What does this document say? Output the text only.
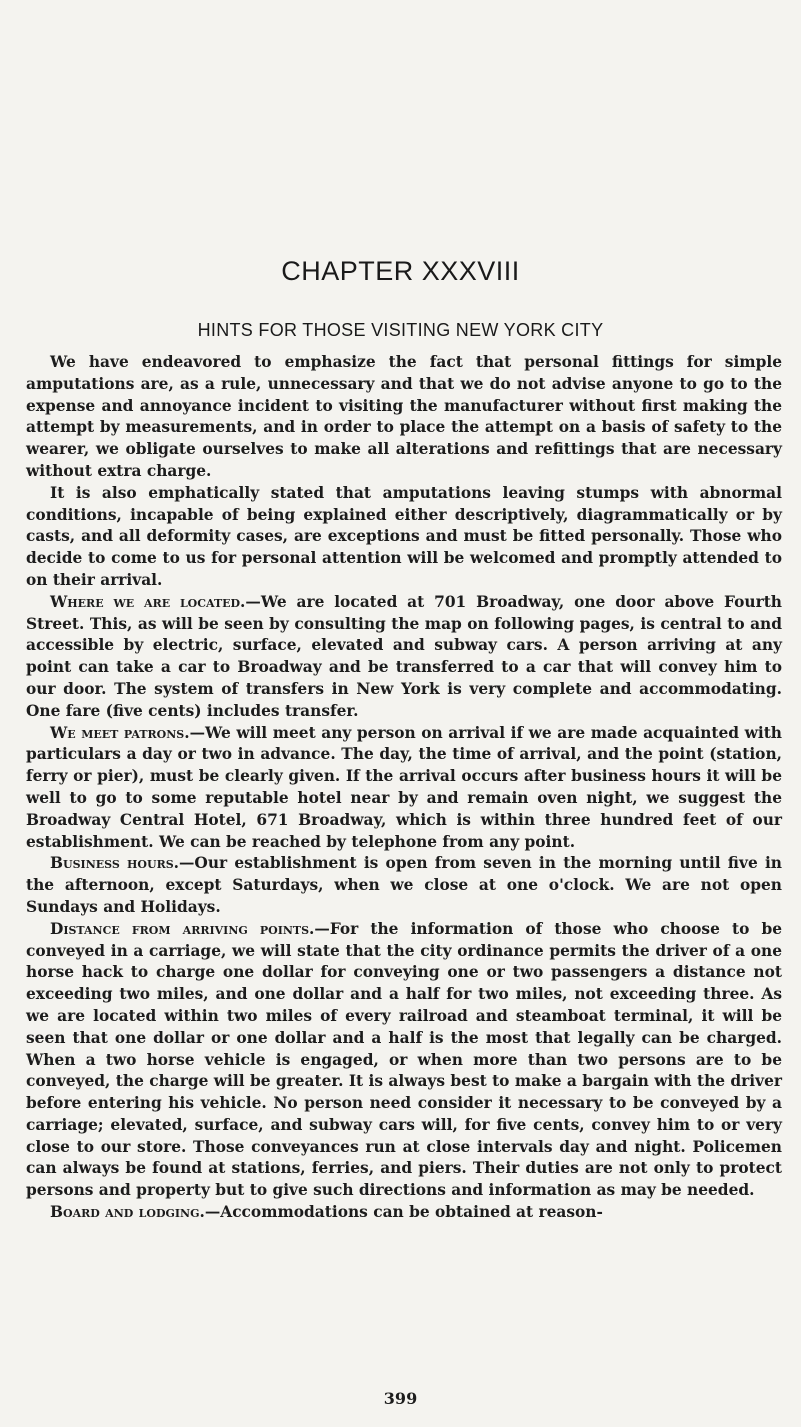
CHAPTER XXXVIII
HINTS FOR THOSE VISITING NEW YORK CITY

We have endeavored to emphasize the fact that personal fittings for simple amputations are, as a rule, unnecessary and that we do not advise anyone to go to the expense and annoyance incident to visiting the manufacturer without first making the attempt by measurements, and in order to place the attempt on a basis of safety to the wearer, we obligate ourselves to make all alterations and refittings that are necessary without extra charge.

It is also emphatically stated that amputations leaving stumps with abnormal conditions, incapable of being explained either descriptively, diagrammatically or by casts, and all deformity cases, are exceptions and must be fitted personally. Those who decide to come to us for personal attention will be welcomed and promptly attended to on their arrival.

Where we are located.—We are located at 701 Broadway, one door above Fourth Street. This, as will be seen by consulting the map on following pages, is central to and accessible by electric, surface, elevated and subway cars. A person arriving at any point can take a car to Broadway and be transferred to a car that will convey him to our door. The system of transfers in New York is very complete and accommodating. One fare (five cents) includes transfer.

We meet patrons.—We will meet any person on arrival if we are made acquainted with particulars a day or two in advance. The day, the time of arrival, and the point (station, ferry or pier), must be clearly given. If the arrival occurs after business hours it will be well to go to some reputable hotel near by and remain oven night, we suggest the Broadway Central Hotel, 671 Broadway, which is within three hundred feet of our establishment. We can be reached by telephone from any point.

Business hours.—Our establishment is open from seven in the morning until five in the afternoon, except Saturdays, when we close at one o'clock. We are not open Sundays and Holidays.

Distance from arriving points.—For the information of those who choose to be conveyed in a carriage, we will state that the city ordinance permits the driver of a one horse hack to charge one dollar for conveying one or two passengers a distance not exceeding two miles, and one dollar and a half for two miles, not exceeding three. As we are located within two miles of every railroad and steamboat terminal, it will be seen that one dollar or one dollar and a half is the most that legally can be charged. When a two horse vehicle is engaged, or when more than two persons are to be conveyed, the charge will be greater. It is always best to make a bargain with the driver before entering his vehicle. No person need consider it necessary to be conveyed by a carriage; elevated, surface, and subway cars will, for five cents, convey him to or very close to our store. Those conveyances run at close intervals day and night. Policemen can always be found at stations, ferries, and piers. Their duties are not only to protect persons and property but to give such directions and information as may be needed.

Board and lodging.—Accommodations can be obtained at reason-

399
